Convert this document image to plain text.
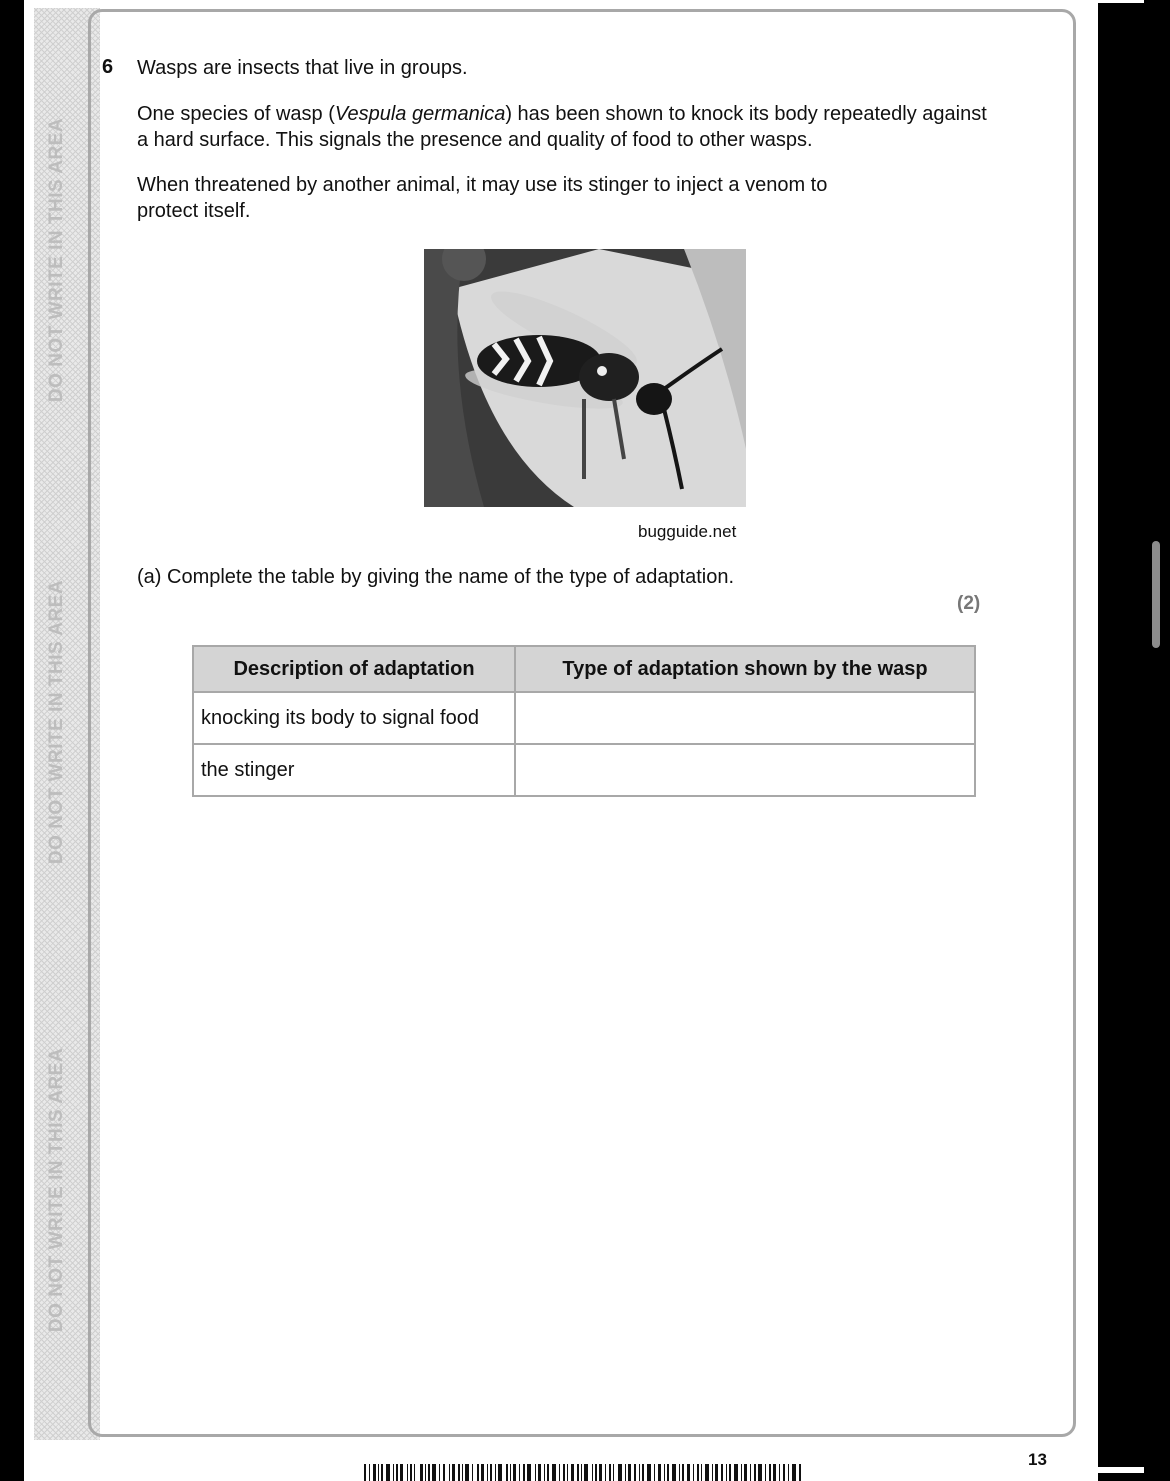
DO NOT WRITE IN THIS AREA
DO NOT WRITE IN THIS AREA
DO NOT WRITE IN THIS AREA
6 Wasps are insects that live in groups.
One species of wasp (Vespula germanica) has been shown to knock its body repeatedly against a hard surface. This signals the presence and quality of food to other wasps.
When threatened by another animal, it may use its stinger to inject a venom to protect itself.
bugguide.net
(a) Complete the table by giving the name of the type of adaptation.
(2)
Description of adaptation	Type of adaptation shown by the wasp
knocking its body to signal food	
the stinger	
13
